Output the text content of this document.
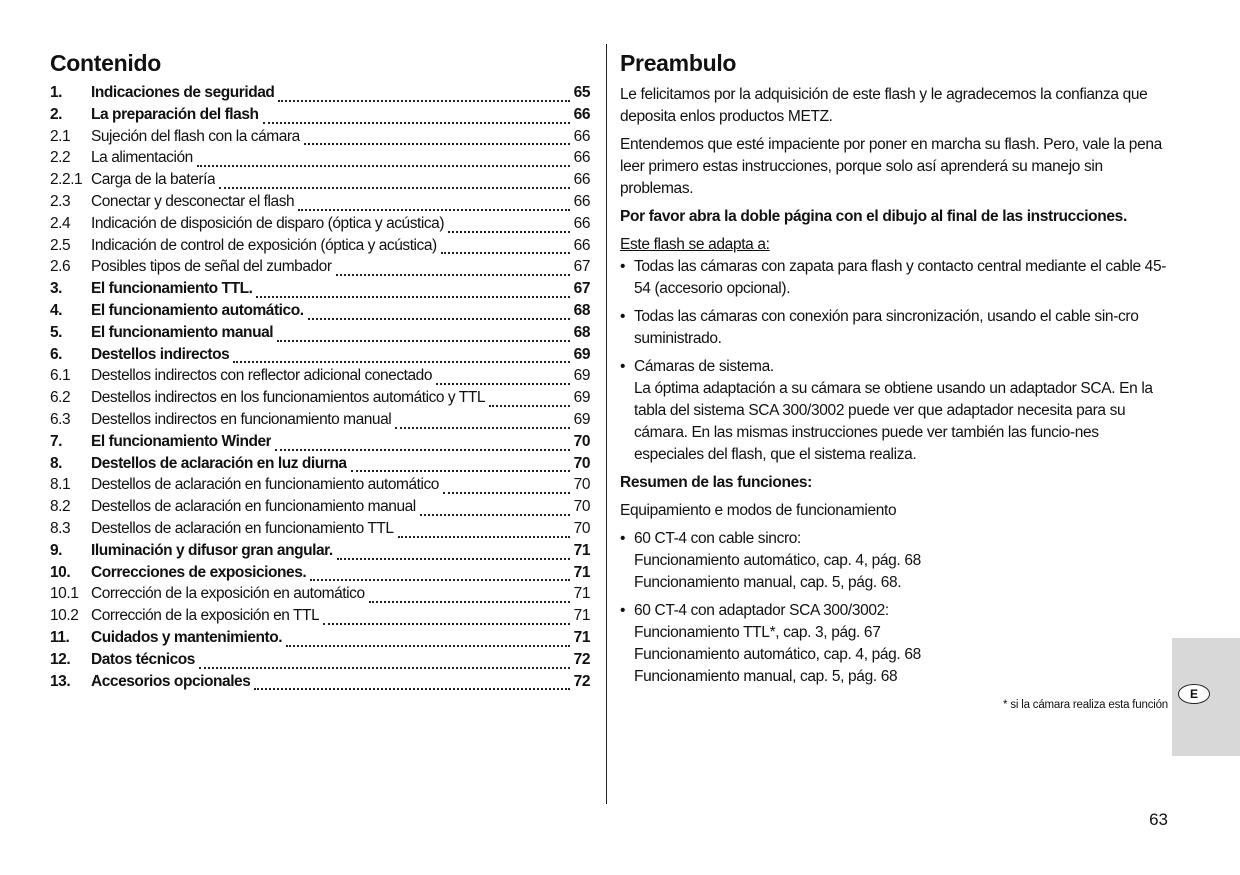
Contenido
1.	Indicaciones de seguridad	65
2.	La preparación del flash	66
2.1	Sujeción del flash con la cámara	66
2.2	La alimentación	66
2.2.1 Carga de la batería	66
2.3	Conectar y desconectar el flash	66
2.4	Indicación de disposición de disparo (óptica y acústica)	66
2.5	Indicación de control de exposición (óptica y acústica)	66
2.6	Posibles tipos de señal del zumbador	67
3.	El funcionamiento TTL.	67
4.	El funcionamiento automático.	68
5.	El funcionamiento manual	68
6.	Destellos indirectos	69
6.1	Destellos indirectos con reflector adicional conectado	69
6.2	Destellos indirectos en los funcionamientos automático y TTL	69
6.3	Destellos indirectos en funcionamiento manual	69
7.	El funcionamiento Winder	70
8.	Destellos de aclaración en luz diurna	70
8.1	Destellos de aclaración en funcionamiento automático	70
8.2	Destellos de aclaración en funcionamiento manual	70
8.3	Destellos de aclaración en funcionamiento TTL	70
9.	Iluminación y difusor gran angular.	71
10.	Correcciones de exposiciones.	71
10.1 Corrección de la exposición en automático	71
10.2 Corrección de la exposición en TTL	71
11.	Cuidados y mantenimiento.	71
12.	Datos técnicos	72
13.	Accesorios opcionales	72
Preambulo

Le felicitamos por la adquisición de este flash y le agradecemos la confianza que deposita enlos productos METZ.

Entendemos que esté impaciente por poner en marcha su flash. Pero, vale la pena leer primero estas instrucciones, porque solo así aprenderá su manejo sin problemas.

Por favor abra la doble página con el dibujo al final de las instrucciones.

Este flash se adapta a:

• Todas las cámaras con zapata para flash y contacto central mediante el cable 45-54 (accesorio opcional).
• Todas las cámaras con conexión para sincronización, usando el cable sin-cro suministrado.
• Cámaras de sistema.
La óptima adaptación a su cámara se obtiene usando un adaptador SCA. En la tabla del sistema SCA 300/3002 puede ver que adaptador necesita para su cámara. En las mismas instrucciones puede ver también las funcio-nes especiales del flash, que el sistema realiza.

Resumen de las funciones:

Equipamiento e modos de funcionamiento

• 60 CT-4 con cable sincro:
Funcionamiento automático, cap. 4, pág. 68
Funcionamiento manual, cap. 5, pág. 68.
• 60 CT-4 con adaptador SCA 300/3002:
Funcionamiento TTL*, cap. 3, pág. 67
Funcionamiento automático, cap. 4, pág. 68
Funcionamiento manual, cap. 5, pág. 68
* si la cámara realiza esta función
E
63
